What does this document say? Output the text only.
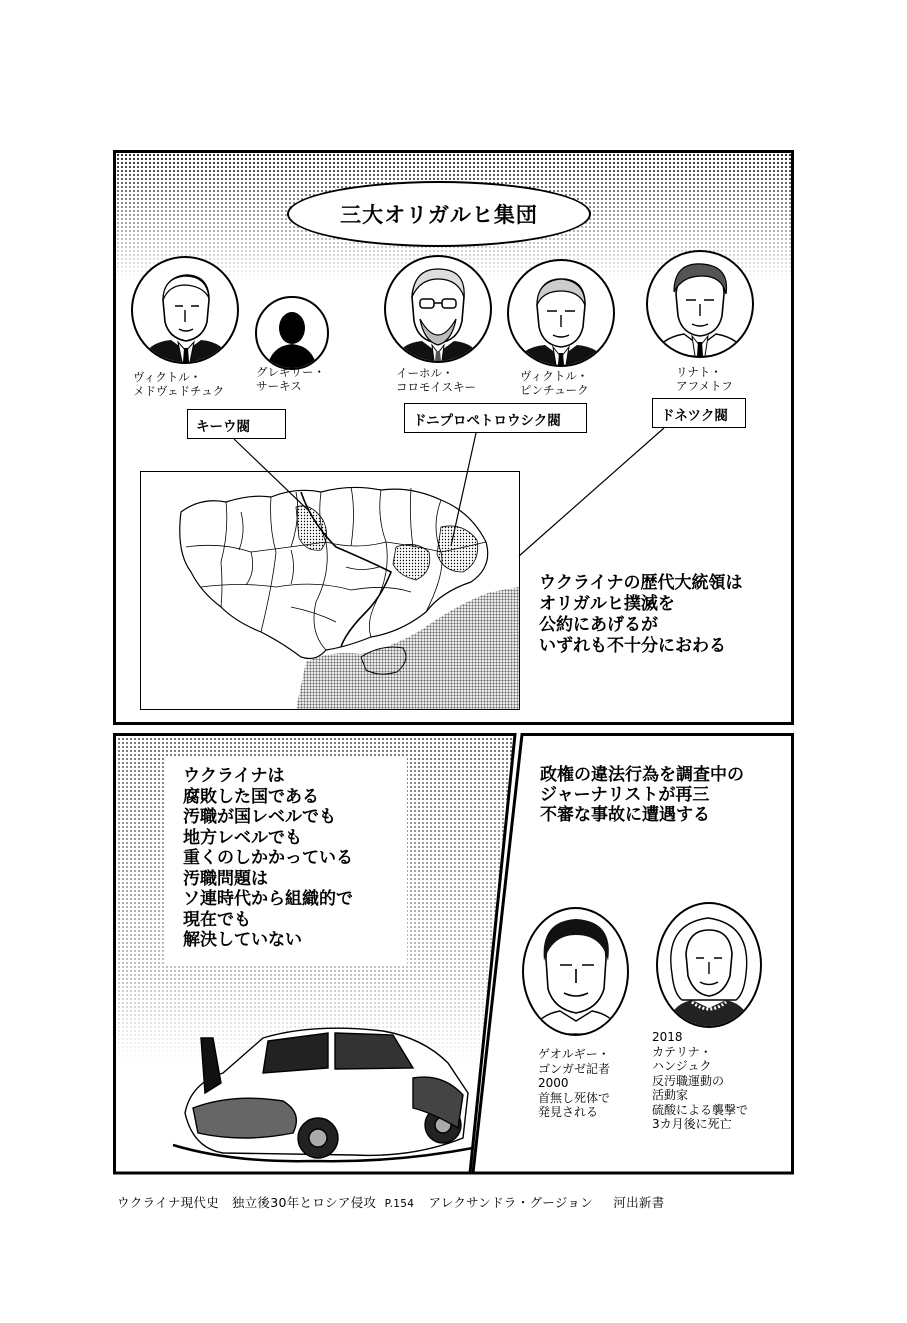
三大オリガルヒ集団
ヴィクトル・
メドヴェドチュク
グレギリー・
サーキス
イーホル・
コロモイスキー
ヴィクトル・
ピンチューク
リナト・
アフメトフ
キーウ閥	ドニプロペトロウシク閥	ドネツク閥
ウクライナの歴代大統領は
オリガルヒ撲滅を
公約にあげるが
いずれも不十分におわる
ウクライナは
腐敗した国である
汚職が国レベルでも
地方レベルでも
重くのしかかっている
汚職問題は
ソ連時代から組織的で
現在でも
解決していない
政権の違法行為を調査中の
ジャーナリストが再三
不審な事故に遭遇する
ゲオルギー・
ゴンガゼ記者
2000
首無し死体で
発見される
2018
カテリナ・
ハンジュク
反汚職運動の
活動家
硫酸による襲撃で
3カ月後に死亡
ウクライナ現代史　独立後30年とロシア侵攻 P.154 アレクサンドラ・グージョン 河出新書
